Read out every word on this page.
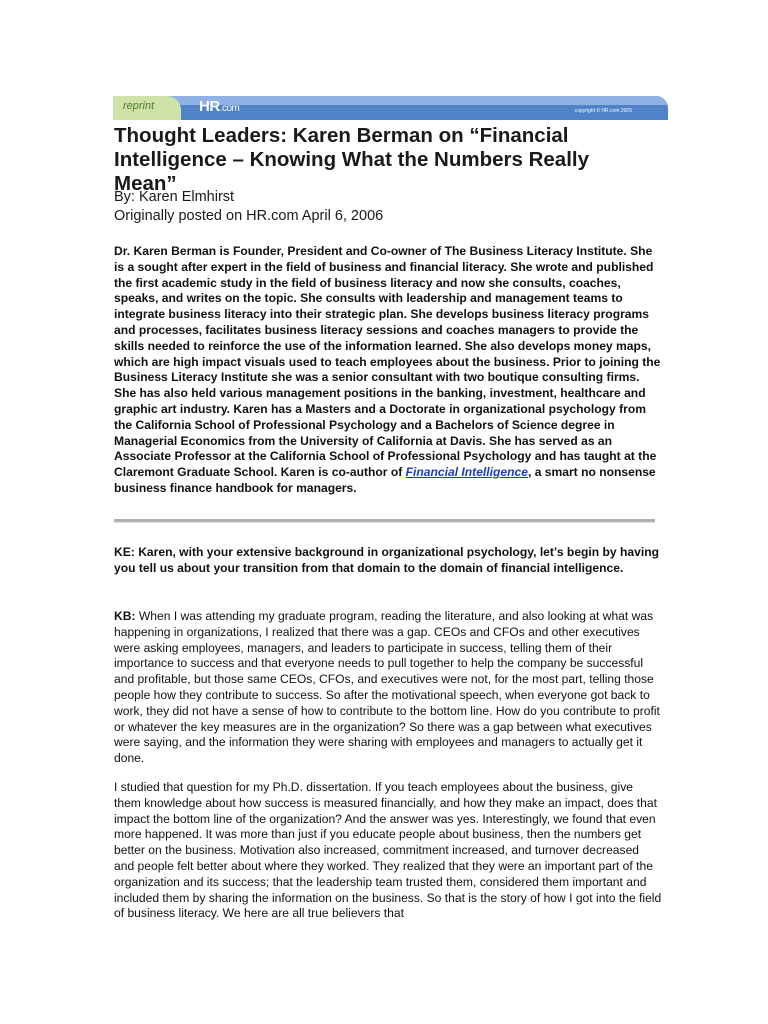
reprint	HR.com	copyright © HR.com 2005
Thought Leaders: Karen Berman on “Financial Intelligence – Knowing What the Numbers Really Mean”
By: Karen Elmhirst
Originally posted on HR.com April 6, 2006

Dr. Karen Berman is Founder, President and Co-owner of The Business Literacy Institute. She is a sought after expert in the field of business and financial literacy. She wrote and published the first academic study in the field of business literacy and now she consults, coaches, speaks, and writes on the topic. She consults with leadership and management teams to integrate business literacy into their strategic plan. She develops business literacy programs and processes, facilitates business literacy sessions and coaches managers to provide the skills needed to reinforce the use of the information learned. She also develops money maps, which are high impact visuals used to teach employees about the business. Prior to joining the Business Literacy Institute she was a senior consultant with two boutique consulting firms. She has also held various management positions in the banking, investment, healthcare and graphic art industry. Karen has a Masters and a Doctorate in organizational psychology from the California School of Professional Psychology and a Bachelors of Science degree in Managerial Economics from the University of California at Davis. She has served as an Associate Professor at the California School of Professional Psychology and has taught at the Claremont Graduate School. Karen is co-author of Financial Intelligence, a smart no nonsense business finance handbook for managers.

KE: Karen, with your extensive background in organizational psychology, let’s begin by having you tell us about your transition from that domain to the domain of financial intelligence.

KB: When I was attending my graduate program, reading the literature, and also looking at what was happening in organizations, I realized that there was a gap. CEOs and CFOs and other executives were asking employees, managers, and leaders to participate in success, telling them of their importance to success and that everyone needs to pull together to help the company be successful and profitable, but those same CEOs, CFOs, and executives were not, for the most part, telling those people how they contribute to success. So after the motivational speech, when everyone got back to work, they did not have a sense of how to contribute to the bottom line. How do you contribute to profit or whatever the key measures are in the organization? So there was a gap between what executives were saying, and the information they were sharing with employees and managers to actually get it done.

I studied that question for my Ph.D. dissertation. If you teach employees about the business, give them knowledge about how success is measured financially, and how they make an impact, does that impact the bottom line of the organization? And the answer was yes. Interestingly, we found that even more happened. It was more than just if you educate people about business, then the numbers get better on the business. Motivation also increased, commitment increased, and turnover decreased and people felt better about where they worked. They realized that they were an important part of the organization and its success; that the leadership team trusted them, considered them important and included them by sharing the information on the business. So that is the story of how I got into the field of business literacy. We here are all true believers that
